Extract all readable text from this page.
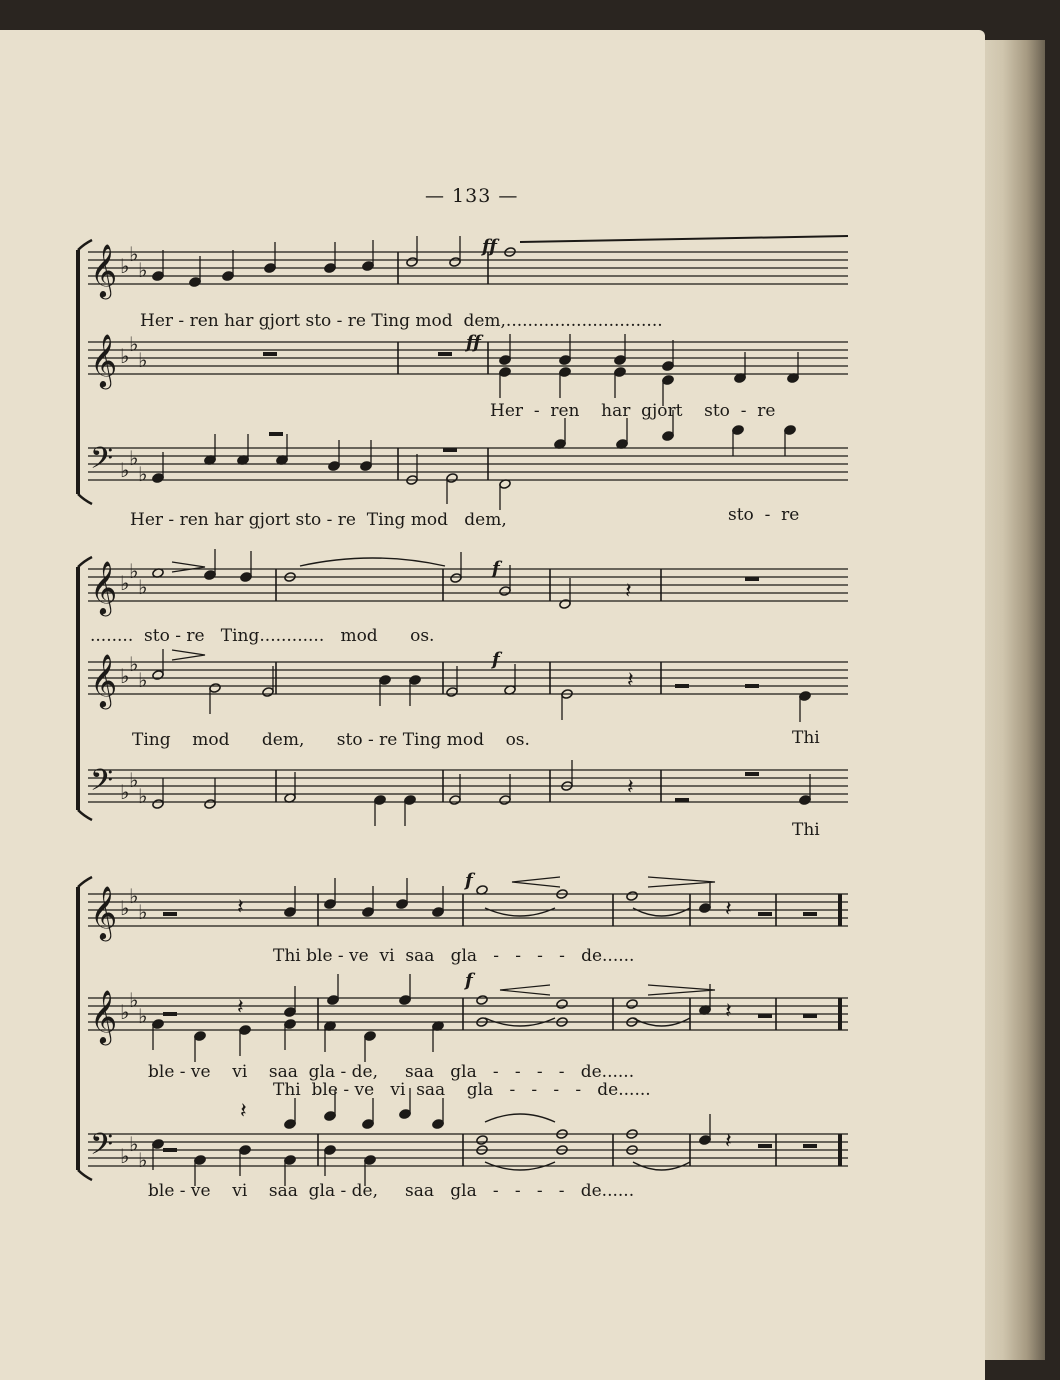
𝄞 ♭ ♭
♭
𝄞 ♭ ♭
♭
𝄢 ♭ ♭
♭
𝄞 ♭ ♭
♭
𝄞 ♭ ♭
♭
𝄢 ♭ ♭
♭
𝄽
𝄽
𝄽
𝄞 ♭ ♭
♭
𝄞 ♭ ♭
♭
𝄢 ♭ ♭
♭
𝄽	𝄽
𝄽	𝄽
𝄽
𝄽
— 133 —
ff
ff
Her - ren har gjort sto - re Ting mod  dem,.............................
Her  -  ren    har  gjort    sto  -  re
Her - ren har gjort sto - re  Ting mod   dem,	sto  -  re
f
f
........  sto - re   Ting............   mod      os.
Ting    mod      dem,      sto - re Ting mod    os.	Thi
Thi
f
f
Thi ble - ve  vi  saa   gla   -   -   -   -   de......
ble - ve    vi    saa  gla - de,     saa   gla   -   -   -   -   de......
Thi  ble - ve   vi  saa    gla   -   -   -   -   de......
ble - ve    vi    saa  gla - de,     saa   gla   -   -   -   -   de......
